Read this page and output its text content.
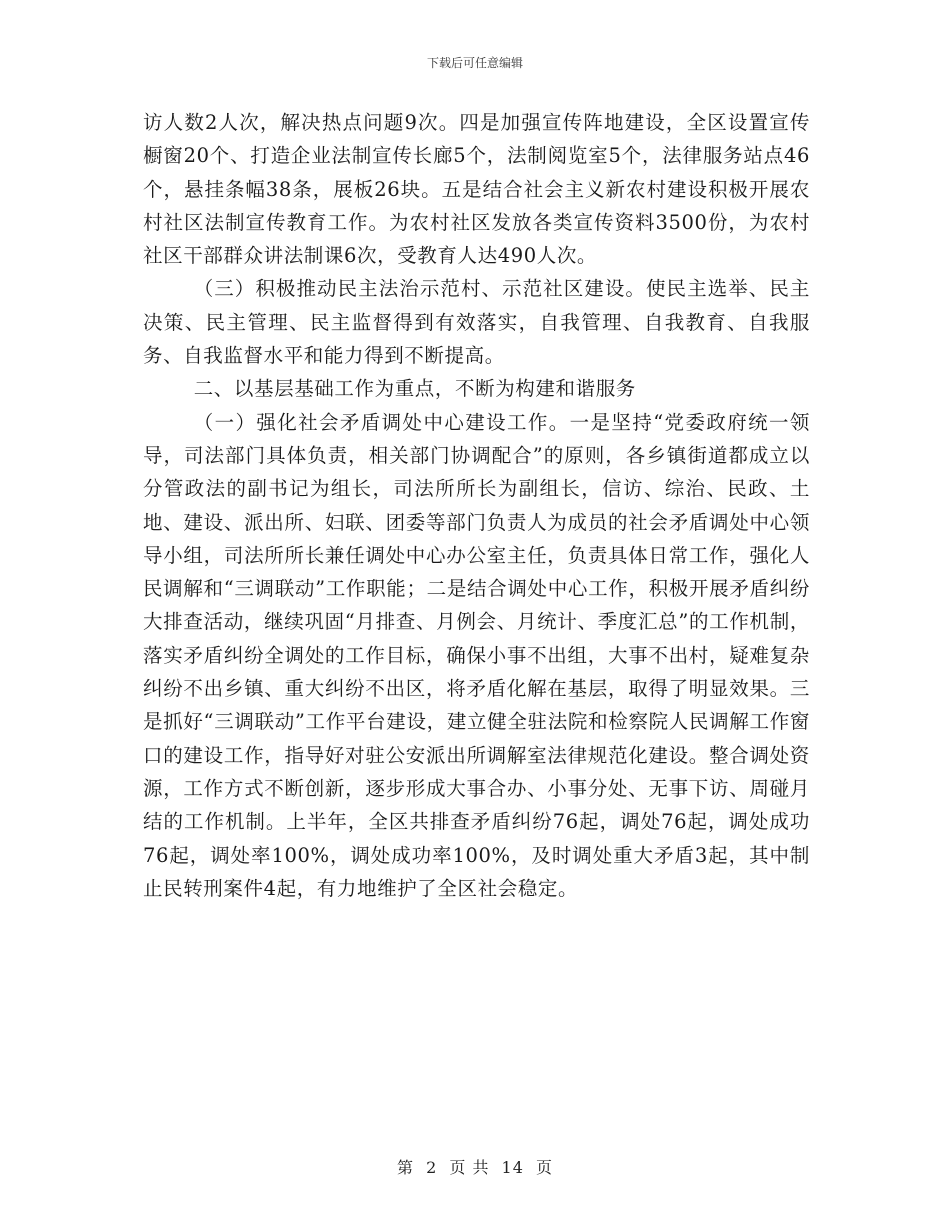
下载后可任意编辑

访人数2人次，解决热点问题9次。四是加强宣传阵地建设，全区设置宣传橱窗20个、打造企业法制宣传长廊5个，法制阅览室5个，法律服务站点46个，悬挂条幅38条，展板26块。五是结合社会主义新农村建设积极开展农村社区法制宣传教育工作。为农村社区发放各类宣传资料3500份，为农村社区干部群众讲法制课6次，受教育人达490人次。

（三）积极推动民主法治示范村、示范社区建设。使民主选举、民主决策、民主管理、民主监督得到有效落实，自我管理、自我教育、自我服务、自我监督水平和能力得到不断提高。

二、以基层基础工作为重点，不断为构建和谐服务

（一）强化社会矛盾调处中心建设工作。一是坚持“党委政府统一领导，司法部门具体负责，相关部门协调配合”的原则，各乡镇街道都成立以分管政法的副书记为组长，司法所所长为副组长，信访、综治、民政、土地、建设、派出所、妇联、团委等部门负责人为成员的社会矛盾调处中心领导小组，司法所所长兼任调处中心办公室主任，负责具体日常工作，强化人民调解和“三调联动”工作职能；二是结合调处中心工作，积极开展矛盾纠纷大排查活动，继续巩固“月排查、月例会、月统计、季度汇总”的工作机制，落实矛盾纠纷全调处的工作目标，确保小事不出组，大事不出村，疑难复杂纠纷不出乡镇、重大纠纷不出区，将矛盾化解在基层，取得了明显效果。三是抓好“三调联动”工作平台建设，建立健全驻法院和检察院人民调解工作窗口的建设工作，指导好对驻公安派出所调解室法律规范化建设。整合调处资源，工作方式不断创新，逐步形成大事合办、小事分处、无事下访、周碰月结的工作机制。上半年，全区共排查矛盾纠纷76起，调处76起，调处成功76起，调处率100%，调处成功率100%，及时调处重大矛盾3起，其中制止民转刑案件4起，有力地维护了全区社会稳定。

第 2 页 共 14 页
